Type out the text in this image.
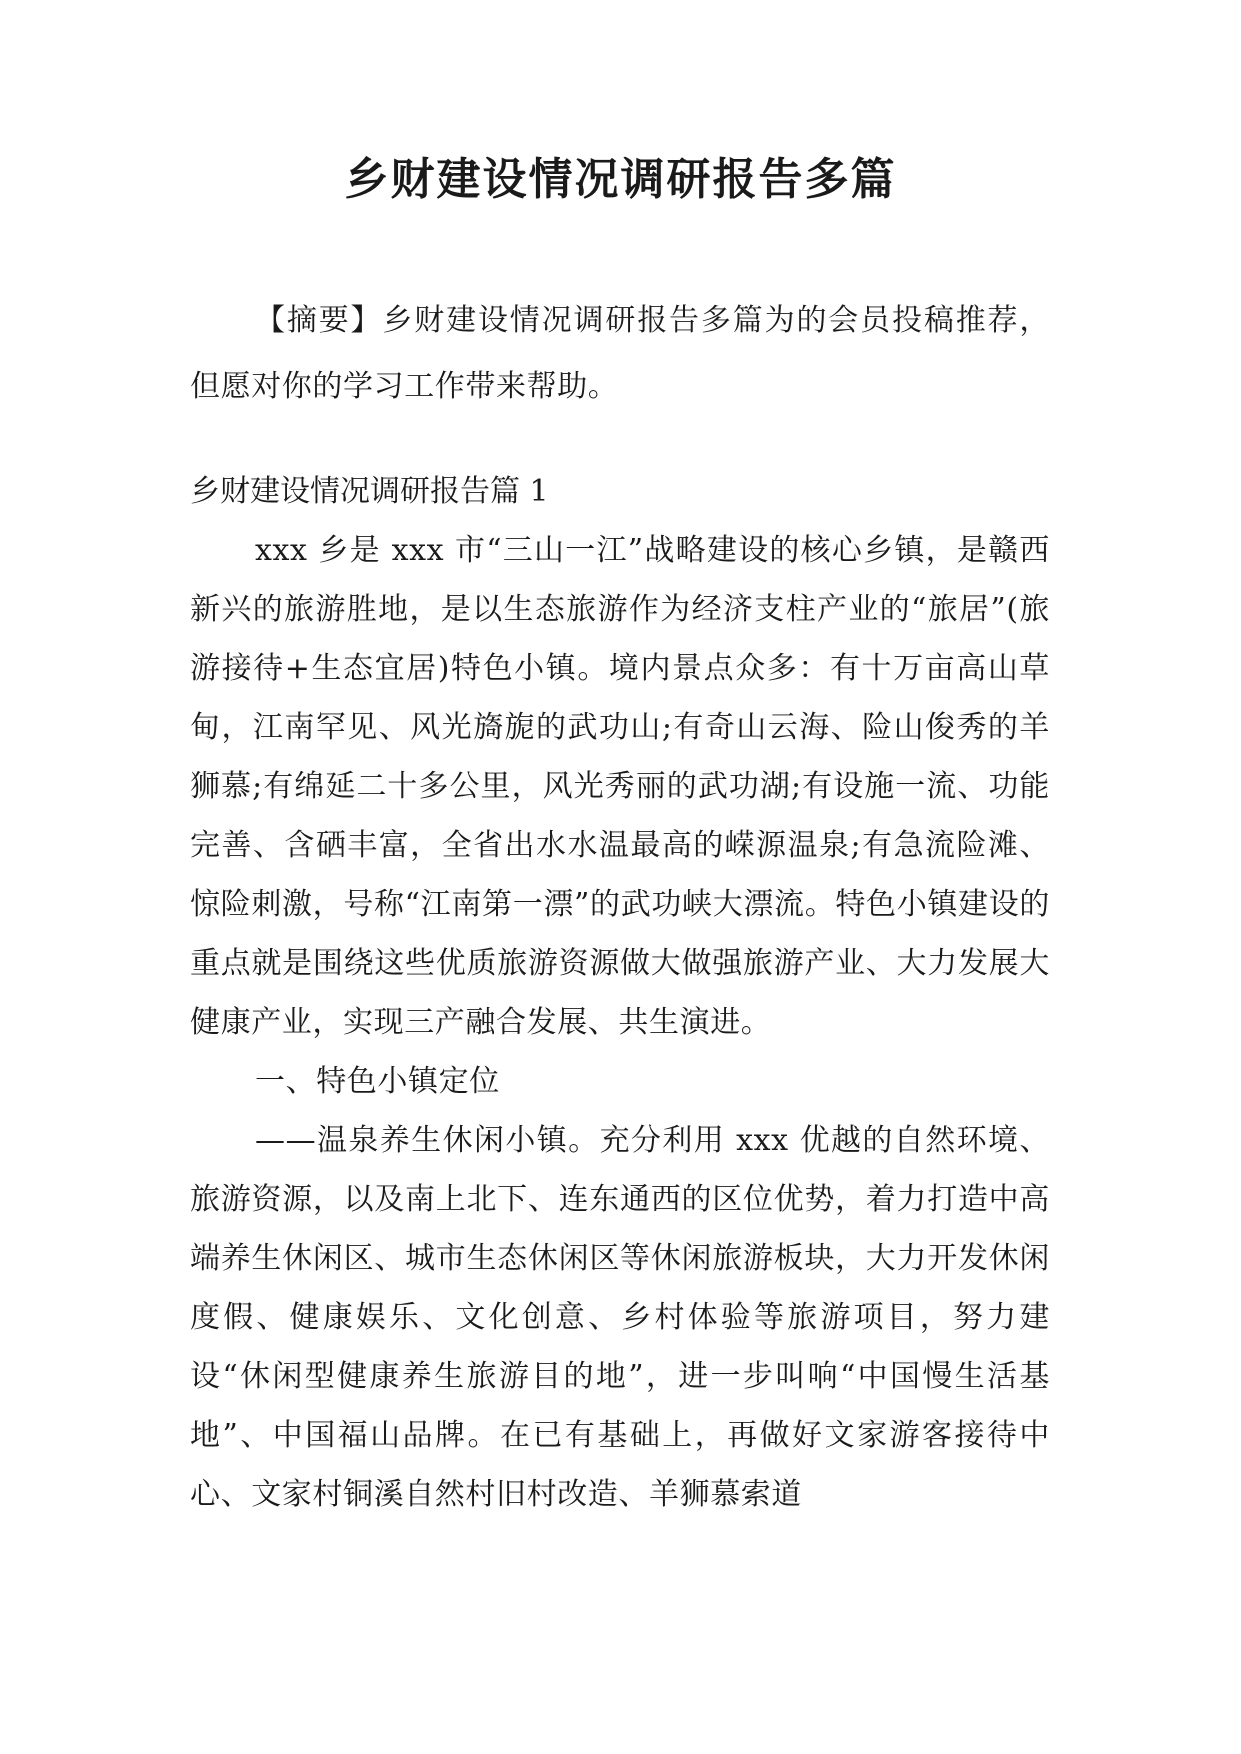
乡财建设情况调研报告多篇

【摘要】乡财建设情况调研报告多篇为的会员投稿推荐，但愿对你的学习工作带来帮助。

乡财建设情况调研报告篇 1

xxx 乡是 xxx 市“三山一江”战略建设的核心乡镇，是赣西新兴的旅游胜地，是以生态旅游作为经济支柱产业的“旅居”(旅游接待+生态宜居)特色小镇。境内景点众多：有十万亩高山草甸，江南罕见、风光旖旎的武功山;有奇山云海、险山俊秀的羊狮慕;有绵延二十多公里，风光秀丽的武功湖;有设施一流、功能完善、含硒丰富，全省出水水温最高的嵘源温泉;有急流险滩、惊险刺激，号称“江南第一漂”的武功峡大漂流。特色小镇建设的重点就是围绕这些优质旅游资源做大做强旅游产业、大力发展大健康产业，实现三产融合发展、共生演进。

一、特色小镇定位

——温泉养生休闲小镇。充分利用 xxx 优越的自然环境、旅游资源，以及南上北下、连东通西的区位优势，着力打造中高端养生休闲区、城市生态休闲区等休闲旅游板块，大力开发休闲度假、健康娱乐、文化创意、乡村体验等旅游项目，努力建设“休闲型健康养生旅游目的地”，进一步叫响“中国慢生活基地”、中国福山品牌。在已有基础上，再做好文家游客接待中心、文家村铜溪自然村旧村改造、羊狮慕索道
